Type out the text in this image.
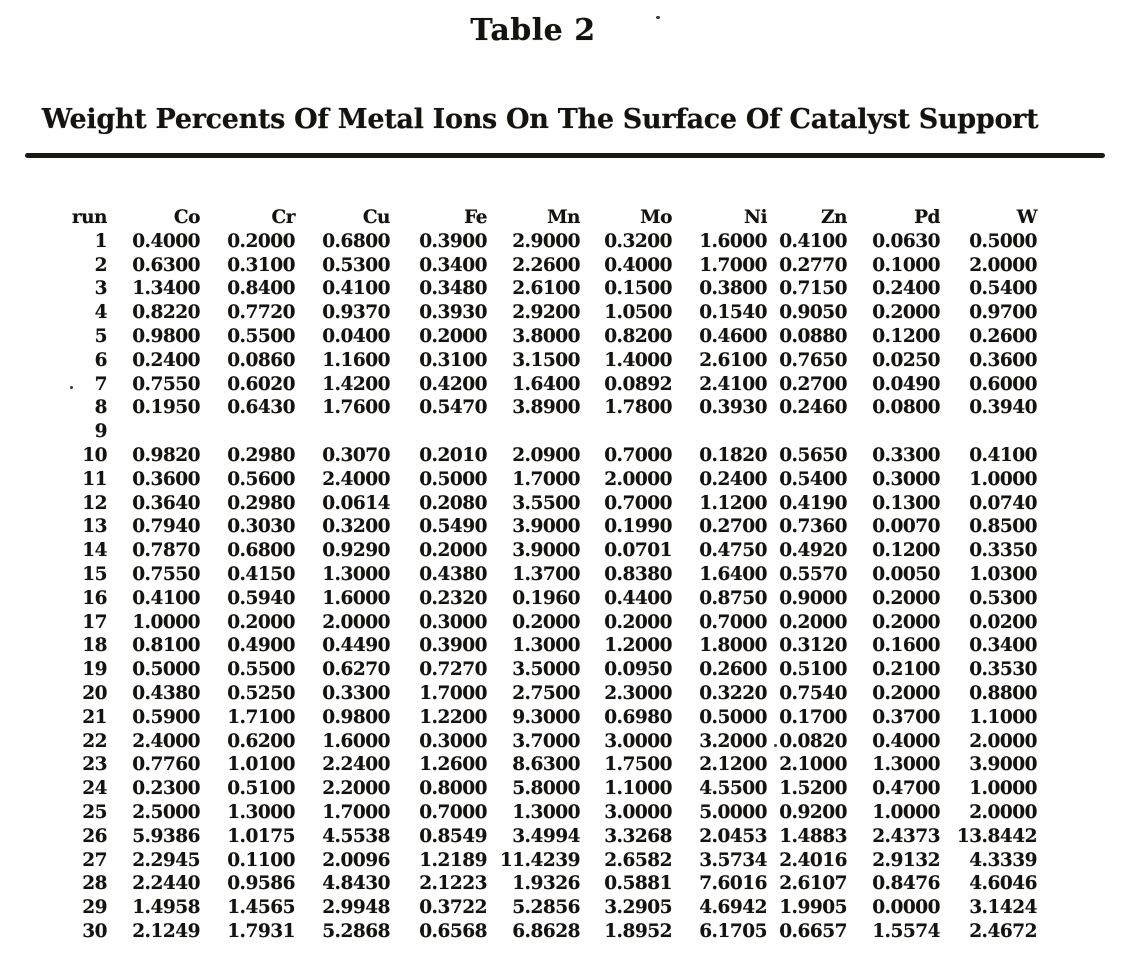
Table 2
Weight Percents Of Metal Ions On The Surface Of Catalyst Support
run	Co	Cr	Cu	Fe	Mn	Mo	Ni	Zn	Pd	W
1	0.4000	0.2000	0.6800	0.3900	2.9000	0.3200	1.6000	0.4100	0.0630	0.5000
2	0.6300	0.3100	0.5300	0.3400	2.2600	0.4000	1.7000	0.2770	0.1000	2.0000
3	1.3400	0.8400	0.4100	0.3480	2.6100	0.1500	0.3800	0.7150	0.2400	0.5400
4	0.8220	0.7720	0.9370	0.3930	2.9200	1.0500	0.1540	0.9050	0.2000	0.9700
5	0.9800	0.5500	0.0400	0.2000	3.8000	0.8200	0.4600	0.0880	0.1200	0.2600
6	0.2400	0.0860	1.1600	0.3100	3.1500	1.4000	2.6100	0.7650	0.0250	0.3600
7	0.7550	0.6020	1.4200	0.4200	1.6400	0.0892	2.4100	0.2700	0.0490	0.6000
8	0.1950	0.6430	1.7600	0.5470	3.8900	1.7800	0.3930	0.2460	0.0800	0.3940
9										
10	0.9820	0.2980	0.3070	0.2010	2.0900	0.7000	0.1820	0.5650	0.3300	0.4100
11	0.3600	0.5600	2.4000	0.5000	1.7000	2.0000	0.2400	0.5400	0.3000	1.0000
12	0.3640	0.2980	0.0614	0.2080	3.5500	0.7000	1.1200	0.4190	0.1300	0.0740
13	0.7940	0.3030	0.3200	0.5490	3.9000	0.1990	0.2700	0.7360	0.0070	0.8500
14	0.7870	0.6800	0.9290	0.2000	3.9000	0.0701	0.4750	0.4920	0.1200	0.3350
15	0.7550	0.4150	1.3000	0.4380	1.3700	0.8380	1.6400	0.5570	0.0050	1.0300
16	0.4100	0.5940	1.6000	0.2320	0.1960	0.4400	0.8750	0.9000	0.2000	0.5300
17	1.0000	0.2000	2.0000	0.3000	0.2000	0.2000	0.7000	0.2000	0.2000	0.0200
18	0.8100	0.4900	0.4490	0.3900	1.3000	1.2000	1.8000	0.3120	0.1600	0.3400
19	0.5000	0.5500	0.6270	0.7270	3.5000	0.0950	0.2600	0.5100	0.2100	0.3530
20	0.4380	0.5250	0.3300	1.7000	2.7500	2.3000	0.3220	0.7540	0.2000	0.8800
21	0.5900	1.7100	0.9800	1.2200	9.3000	0.6980	0.5000	0.1700	0.3700	1.1000
22	2.4000	0.6200	1.6000	0.3000	3.7000	3.0000	3.2000	0.0820	0.4000	2.0000
23	0.7760	1.0100	2.2400	1.2600	8.6300	1.7500	2.1200	2.1000	1.3000	3.9000
24	0.2300	0.5100	2.2000	0.8000	5.8000	1.1000	4.5500	1.5200	0.4700	1.0000
25	2.5000	1.3000	1.7000	0.7000	1.3000	3.0000	5.0000	0.9200	1.0000	2.0000
26	5.9386	1.0175	4.5538	0.8549	3.4994	3.3268	2.0453	1.4883	2.4373	13.8442
27	2.2945	0.1100	2.0096	1.2189	11.4239	2.6582	3.5734	2.4016	2.9132	4.3339
28	2.2440	0.9586	4.8430	2.1223	1.9326	0.5881	7.6016	2.6107	0.8476	4.6046
29	1.4958	1.4565	2.9948	0.3722	5.2856	3.2905	4.6942	1.9905	0.0000	3.1424
30	2.1249	1.7931	5.2868	0.6568	6.8628	1.8952	6.1705	0.6657	1.5574	2.4672
